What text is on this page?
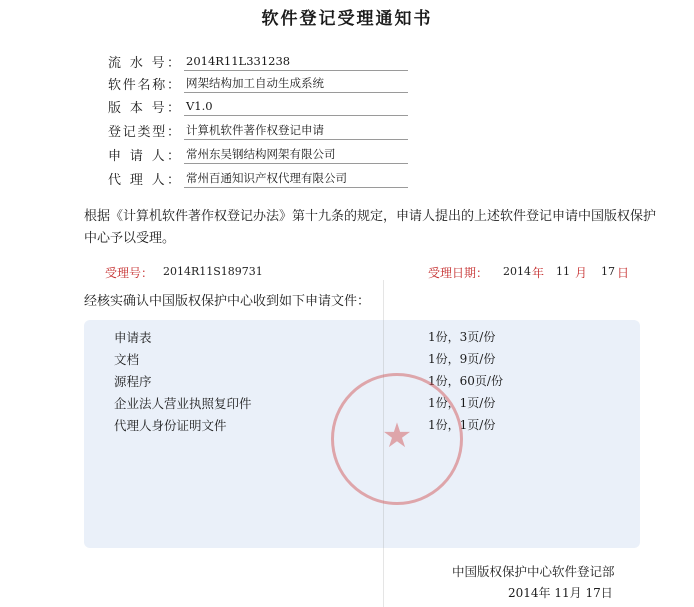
软件登记受理通知书
流 水 号： 2014R11L331238
软件名称： 网架结构加工自动生成系统
版 本 号： V1.0
登记类型： 计算机软件著作权登记申请
申 请 人： 常州东吴钢结构网架有限公司
代 理 人： 常州百通知识产权代理有限公司
根据《计算机软件著作权登记办法》第十九条的规定，申请人提出的上述软件登记申请中国版权保护中心予以受理。
受理号： 2014R11S189731	受理日期： 2014 年 11 月 17 日
经核实确认中国版权保护中心收到如下申请文件：
申请表	1份，3页/份
文档	1份，9页/份
源程序	1份，60页/份
企业法人营业执照复印件	1份，1页/份
代理人身份证明文件	1份，1页/份
★
中国版权保护中心软件登记部
2014年 11月 17日
